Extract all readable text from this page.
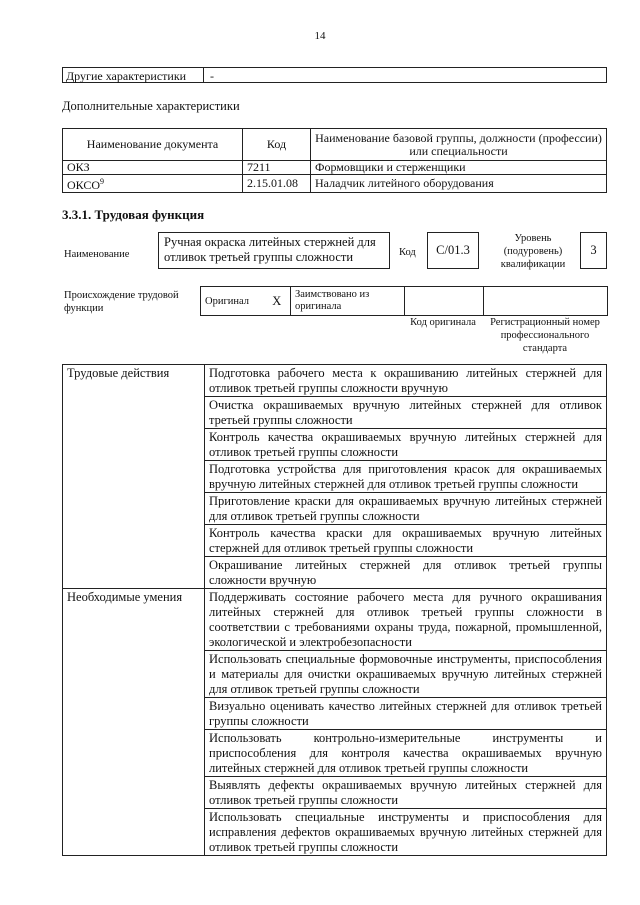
14
Другие характеристики	-
Дополнительные характеристики
Наименование документа	Код	Наименование базовой группы, должности (профессии) или специальности
ОКЗ	7211	Формовщики и стерженщики
ОКСО$^9$	2.15.01.08	Наладчик литейного оборудования
3.3.1. Трудовая функция
Наименование
Ручная окраска литейных стержней для отливок третьей группы сложности	Код	C/01.3
Уровень (подуровень) квалификации
3
Происхождение трудовой функции
Оригинал	X	Заимствовано из оригинала		
Код оригинала	Регистрационный номер профессионального стандарта
Трудовые действия	Подготовка рабочего места к окрашиванию литейных стержней для отливок третьей группы сложности вручную
	Очистка окрашиваемых вручную литейных стержней для отливок третьей группы сложности
	Контроль качества окрашиваемых вручную литейных стержней для отливок третьей группы сложности
	Подготовка устройства для приготовления красок для окрашиваемых вручную литейных стержней для отливок третьей группы сложности
	Приготовление краски для окрашиваемых вручную литейных стержней для отливок третьей группы сложности
	Контроль качества краски для окрашиваемых вручную литейных стержней для отливок третьей группы сложности
	Окрашивание литейных стержней для отливок третьей группы сложности вручную
Необходимые умения	Поддерживать состояние рабочего места для ручного окрашивания литейных стержней для отливок третьей группы сложности в соответствии с требованиями охраны труда, пожарной, промышленной, экологической и электробезопасности
	Использовать специальные формовочные инструменты, приспособления и материалы для очистки окрашиваемых вручную литейных стержней для отливок третьей группы сложности
	Визуально оценивать качество литейных стержней для отливок третьей группы сложности
	Использовать контрольно-измерительные инструменты и приспособления для контроля качества окрашиваемых вручную литейных стержней для отливок третьей группы сложности
	Выявлять дефекты окрашиваемых вручную литейных стержней для отливок третьей группы сложности
	Использовать специальные инструменты и приспособления для исправления дефектов окрашиваемых вручную литейных стержней для отливок третьей группы сложности
